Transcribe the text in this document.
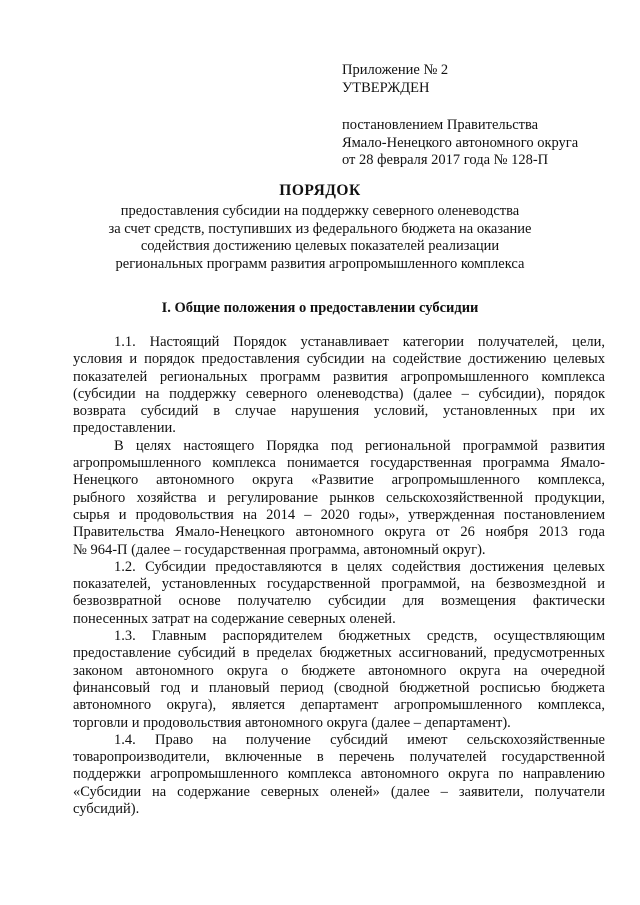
Приложение № 2
УТВЕРЖДЕН
постановлением Правительства
Ямало-Ненецкого автономного округа
от 28 февраля 2017 года № 128-П
ПОРЯДОК
предоставления субсидии на поддержку северного оленеводства
за счет средств, поступивших из федерального бюджета на оказание
содействия достижению целевых показателей реализации
региональных программ развития агропромышленного комплекса
I. Общие положения о предоставлении субсидии
1.1. Настоящий Порядок устанавливает категории получателей, цели,
условия и порядок предоставления субсидии на содействие достижению целевых
показателей региональных программ развития агропромышленного комплекса
(субсидии на поддержку северного оленеводства) (далее – субсидии), порядок
возврата субсидий в случае нарушения условий, установленных при их
предоставлении.
В целях настоящего Порядка под региональной программой развития
агропромышленного комплекса понимается государственная программа Ямало-
Ненецкого автономного округа «Развитие агропромышленного комплекса,
рыбного хозяйства и регулирование рынков сельскохозяйственной продукции,
сырья и продовольствия на 2014 – 2020 годы», утвержденная постановлением
Правительства Ямало-Ненецкого автономного округа от 26 ноября 2013 года
№ 964-П (далее – государственная программа, автономный округ).
1.2. Субсидии предоставляются в целях содействия достижения целевых
показателей, установленных государственной программой, на безвозмездной и
безвозвратной основе получателю субсидии для возмещения фактически
понесенных затрат на содержание северных оленей.
1.3. Главным распорядителем бюджетных средств, осуществляющим
предоставление субсидий в пределах бюджетных ассигнований, предусмотренных
законом автономного округа о бюджете автономного округа на очередной
финансовый год и плановый период (сводной бюджетной росписью бюджета
автономного округа), является департамент агропромышленного комплекса,
торговли и продовольствия автономного округа (далее – департамент).
1.4. Право на получение субсидий имеют сельскохозяйственные
товаропроизводители, включенные в перечень получателей государственной
поддержки агропромышленного комплекса автономного округа по направлению
«Субсидии на содержание северных оленей» (далее – заявители, получатели
субсидий).
